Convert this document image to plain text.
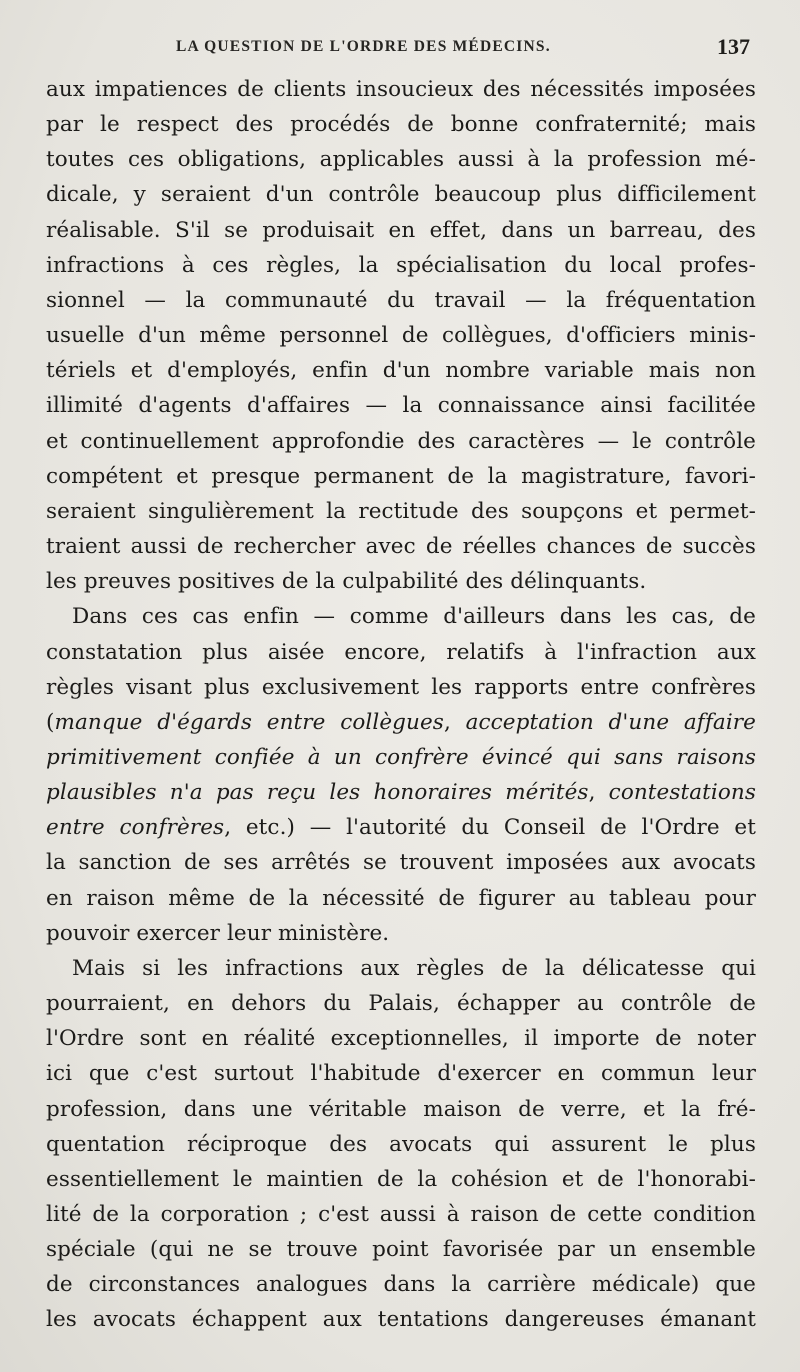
LA QUESTION DE L'ORDRE DES MÉDECINS.	137
aux impatiences de clients insoucieux des nécessités imposées
par le respect des procédés de bonne confraternité; mais
toutes ces obligations, applicables aussi à la profession mé-
dicale, y seraient d'un contrôle beaucoup plus difficilement
réalisable. S'il se produisait en effet, dans un barreau, des
infractions à ces règles, la spécialisation du local profes-
sionnel — la communauté du travail — la fréquentation
usuelle d'un même personnel de collègues, d'officiers minis-
tériels et d'employés, enfin d'un nombre variable mais non
illimité d'agents d'affaires — la connaissance ainsi facilitée
et continuellement approfondie des caractères — le contrôle
compétent et presque permanent de la magistrature, favori-
seraient singulièrement la rectitude des soupçons et permet-
traient aussi de rechercher avec de réelles chances de succès
les preuves positives de la culpabilité des délinquants.
Dans ces cas enfin — comme d'ailleurs dans les cas, de
constatation plus aisée encore, relatifs à l'infraction aux
règles visant plus exclusivement les rapports entre confrères
(manque d'égards entre collègues, acceptation d'une affaire
primitivement confiée à un confrère évincé qui sans raisons
plausibles n'a pas reçu les honoraires mérités, contestations
entre confrères, etc.) — l'autorité du Conseil de l'Ordre et
la sanction de ses arrêtés se trouvent imposées aux avocats
en raison même de la nécessité de figurer au tableau pour
pouvoir exercer leur ministère.
Mais si les infractions aux règles de la délicatesse qui
pourraient, en dehors du Palais, échapper au contrôle de
l'Ordre sont en réalité exceptionnelles, il importe de noter
ici que c'est surtout l'habitude d'exercer en commun leur
profession, dans une véritable maison de verre, et la fré-
quentation réciproque des avocats qui assurent le plus
essentiellement le maintien de la cohésion et de l'honorabi-
lité de la corporation ; c'est aussi à raison de cette condition
spéciale (qui ne se trouve point favorisée par un ensemble
de circonstances analogues dans la carrière médicale) que
les avocats échappent aux tentations dangereuses émanant
